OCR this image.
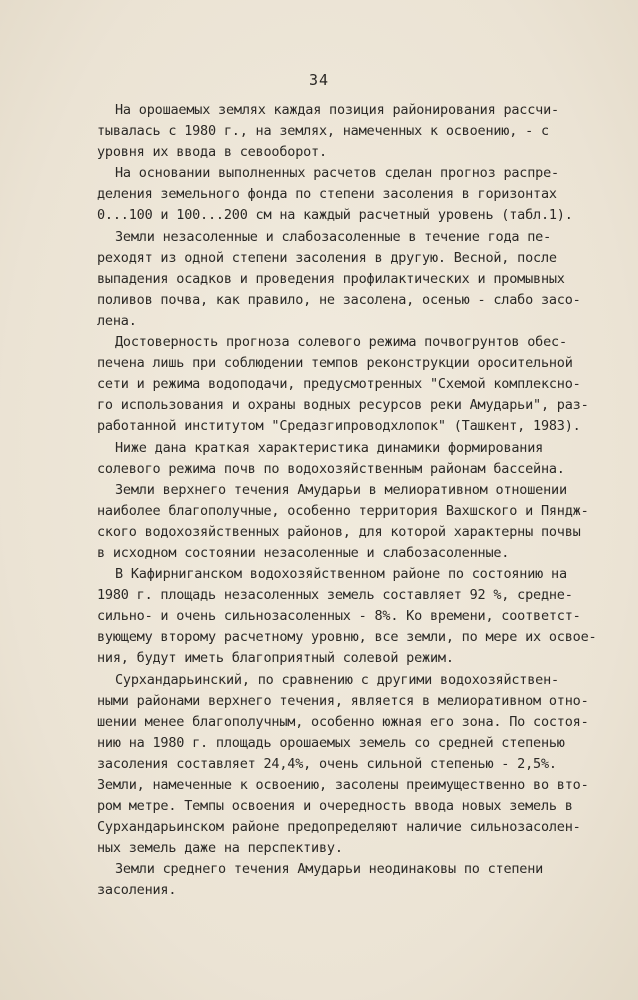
34
На орошаемых землях каждая позиция районирования рассчи-
тывалась с 1980 г., на землях, намеченных к освоению, - с
уровня их ввода в севооборот.
На основании выполненных расчетов сделан прогноз распре-
деления земельного фонда по степени засоления в горизонтах
0...100 и 100...200 см на каждый расчетный уровень (табл.1).
Земли незасоленные и слабозасоленные в течение года пе-
реходят из одной степени засоления в другую. Весной, после
выпадения осадков и проведения профилактических и промывных
поливов почва, как правило, не засолена, осенью - слабо засо-
лена.
Достоверность прогноза солевого режима почвогрунтов обес-
печена лишь при соблюдении темпов реконструкции оросительной
сети и режима водоподачи, предусмотренных "Схемой комплексно-
го использования и охраны водных ресурсов реки Амударьи", раз-
работанной институтом "Средазгипроводхлопок" (Ташкент, 1983).
Ниже дана краткая характеристика динамики формирования
солевого режима почв по водохозяйственным районам бассейна.
Земли верхнего течения Амударьи в мелиоративном отношении
наиболее благополучные, особенно территория Вахшского и Пяндж-
ского водохозяйственных районов, для которой характерны почвы
в исходном состоянии незасоленные и слабозасоленные.
В Кафирниганском водохозяйственном районе по состоянию на
1980 г. площадь незасоленных земель составляет 92 %, средне-
сильно- и очень сильнозасоленных - 8%. Ко времени, соответст-
вующему второму расчетному уровню, все земли, по мере их освое-
ния, будут иметь благоприятный солевой режим.
Сурхандарьинский, по сравнению с другими водохозяйствен-
ными районами верхнего течения, является в мелиоративном отно-
шении менее благополучным, особенно южная его зона. По состоя-
нию на 1980 г. площадь орошаемых земель со средней степенью
засоления составляет 24,4%, очень сильной степенью - 2,5%.
Земли, намеченные к освоению, засолены преимущественно во вто-
ром метре. Темпы освоения и очередность ввода новых земель в
Сурхандарьинском районе предопределяют наличие сильнозасолен-
ных земель даже на перспективу.
Земли среднего течения Амударьи неодинаковы по степени
засоления.
